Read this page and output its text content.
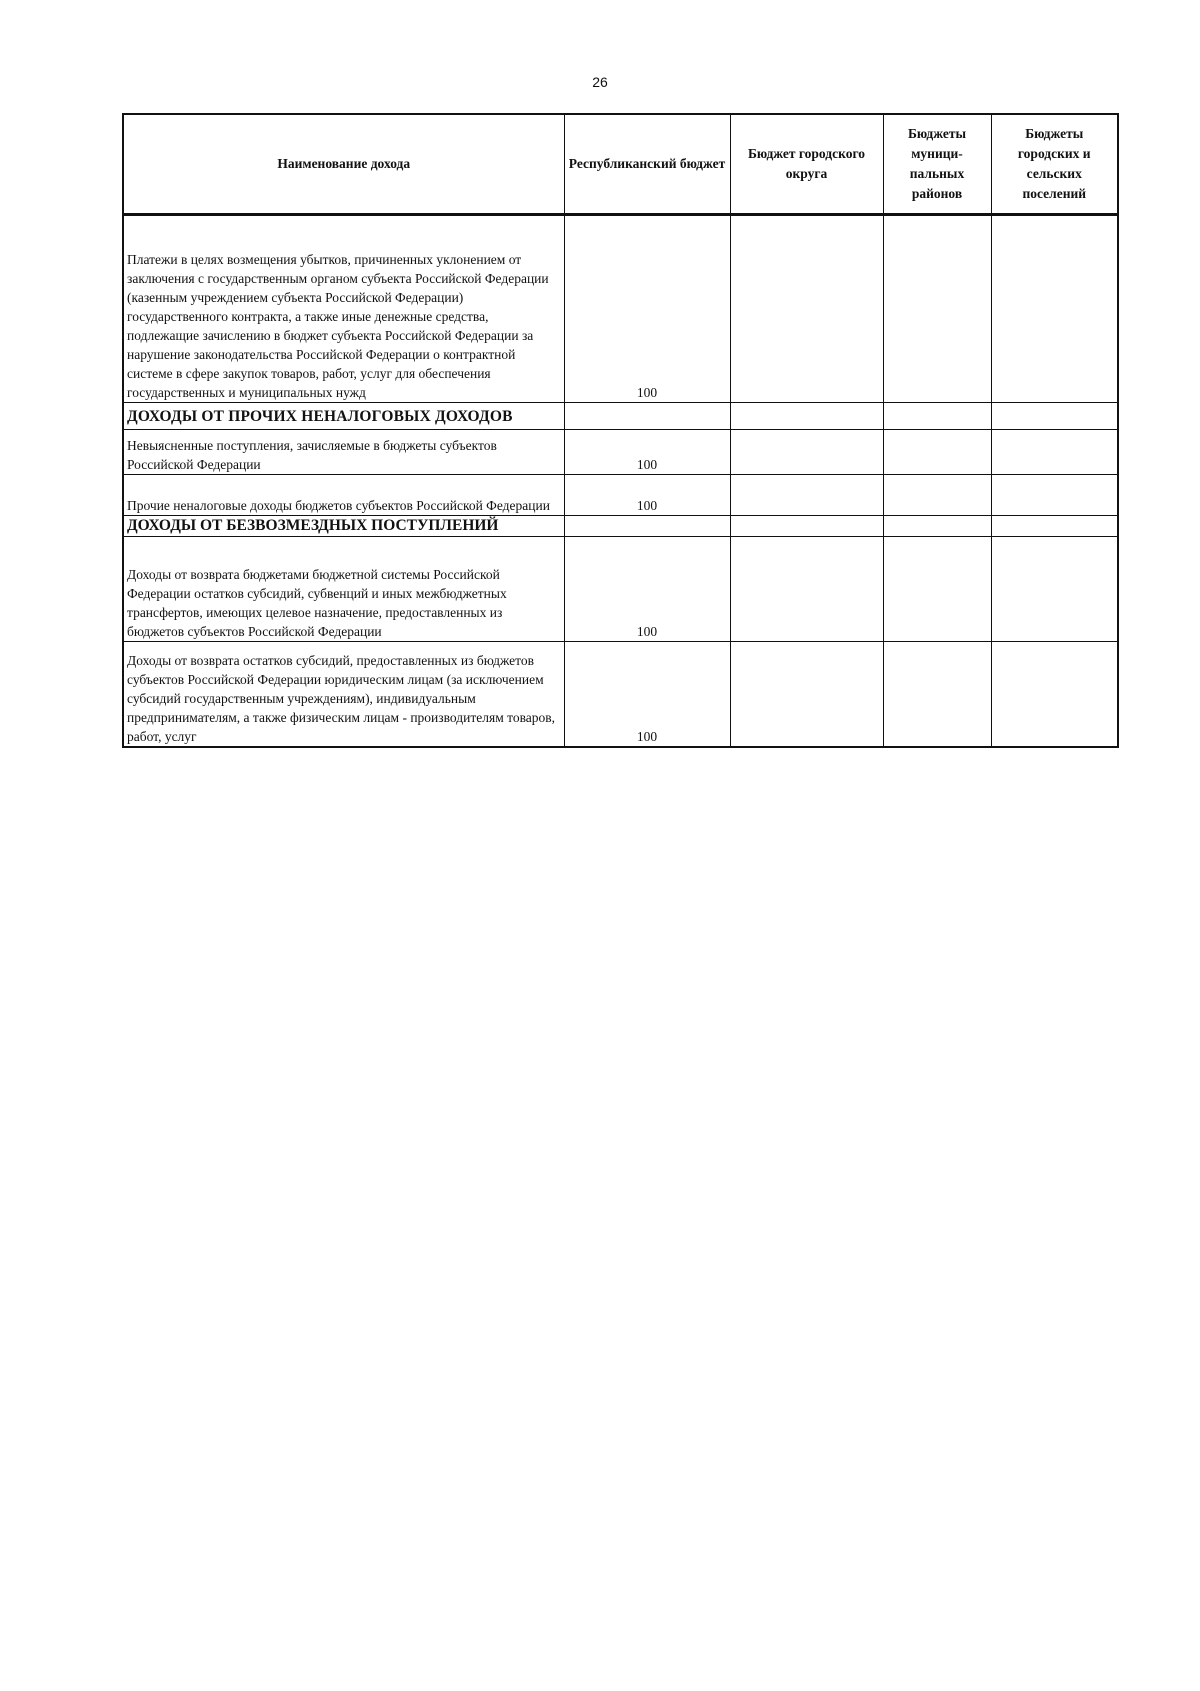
26
Наименование дохода	Республиканский бюджет	Бюджет городского округа	Бюджеты муници-пальных районов	Бюджеты городских и сельских поселений
Платежи в целях возмещения убытков, причиненных уклонением от заключения с государственным органом субъекта Российской Федерации (казенным учреждением субъекта Российской Федерации) государственного контракта, а также иные денежные средства, подлежащие зачислению в бюджет субъекта Российской Федерации за нарушение законодательства Российской Федерации о контрактной системе в сфере закупок товаров, работ, услуг для обеспечения государственных и муниципальных нужд	100			
ДОХОДЫ ОТ ПРОЧИХ НЕНАЛОГОВЫХ ДОХОДОВ				
Невыясненные поступления, зачисляемые в бюджеты субъектов Российской Федерации	100			
Прочие неналоговые доходы бюджетов субъектов Российской Федерации	100			
ДОХОДЫ ОТ БЕЗВОЗМЕЗДНЫХ ПОСТУПЛЕНИЙ				
Доходы от возврата бюджетами бюджетной системы Российской Федерации остатков субсидий, субвенций и иных межбюджетных трансфертов, имеющих целевое назначение, предоставленных из бюджетов субъектов Российской Федерации	100			
Доходы от возврата остатков субсидий, предоставленных из бюджетов субъектов Российской Федерации юридическим лицам (за исключением субсидий государственным учреждениям), индивидуальным предпринимателям, а также физическим лицам - производителям товаров, работ, услуг	100			
